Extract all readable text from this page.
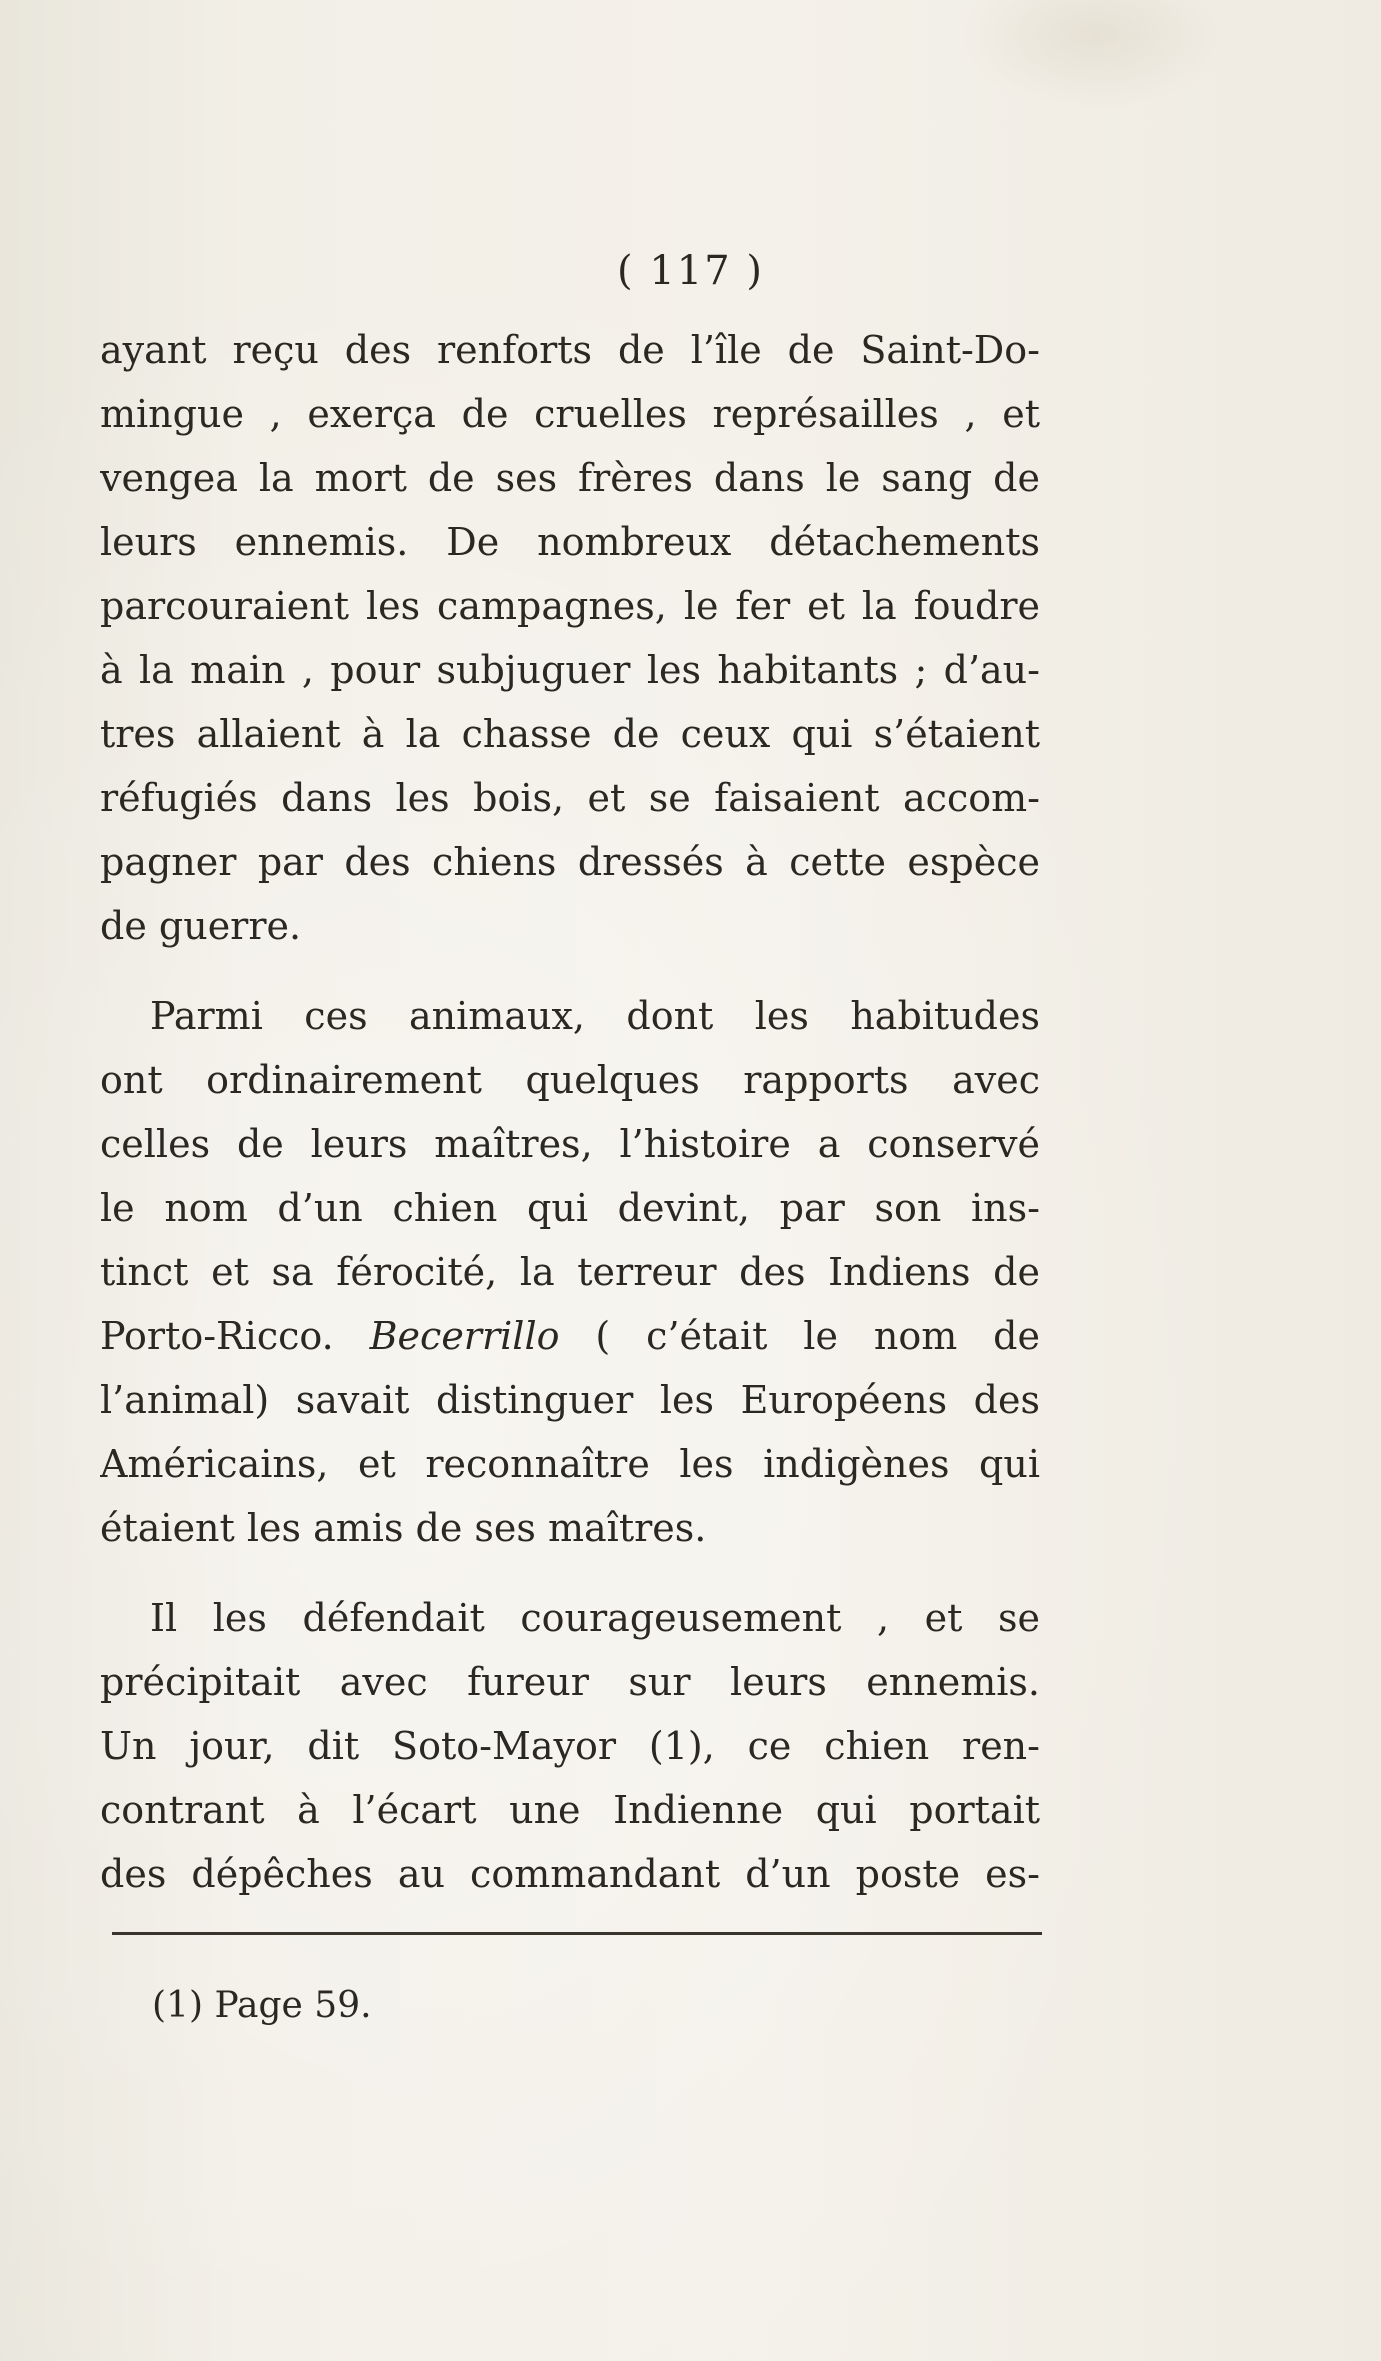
( 117 )
ayant reçu des renforts de l’île de Saint-Do-
mingue , exerça de cruelles représailles , et
vengea la mort de ses frères dans le sang de
leurs ennemis. De nombreux détachements
parcouraient les campagnes, le fer et la foudre
à la main , pour subjuguer les habitants ; d’au-
tres allaient à la chasse de ceux qui s’étaient
réfugiés dans les bois, et se faisaient accom-
pagner par des chiens dressés à cette espèce
de guerre.
Parmi ces animaux, dont les habitudes
ont ordinairement quelques rapports avec
celles de leurs maîtres, l’histoire a conservé
le nom d’un chien qui devint, par son ins-
tinct et sa férocité, la terreur des Indiens de
Porto-Ricco. Becerrillo ( c’était le nom de
l’animal) savait distinguer les Européens des
Américains, et reconnaître les indigènes qui
étaient les amis de ses maîtres.
Il les défendait courageusement , et se
précipitait avec fureur sur leurs ennemis.
Un jour, dit Soto-Mayor (1), ce chien ren-
contrant à l’écart une Indienne qui portait
des dépêches au commandant d’un poste es-
(1) Page 59.
